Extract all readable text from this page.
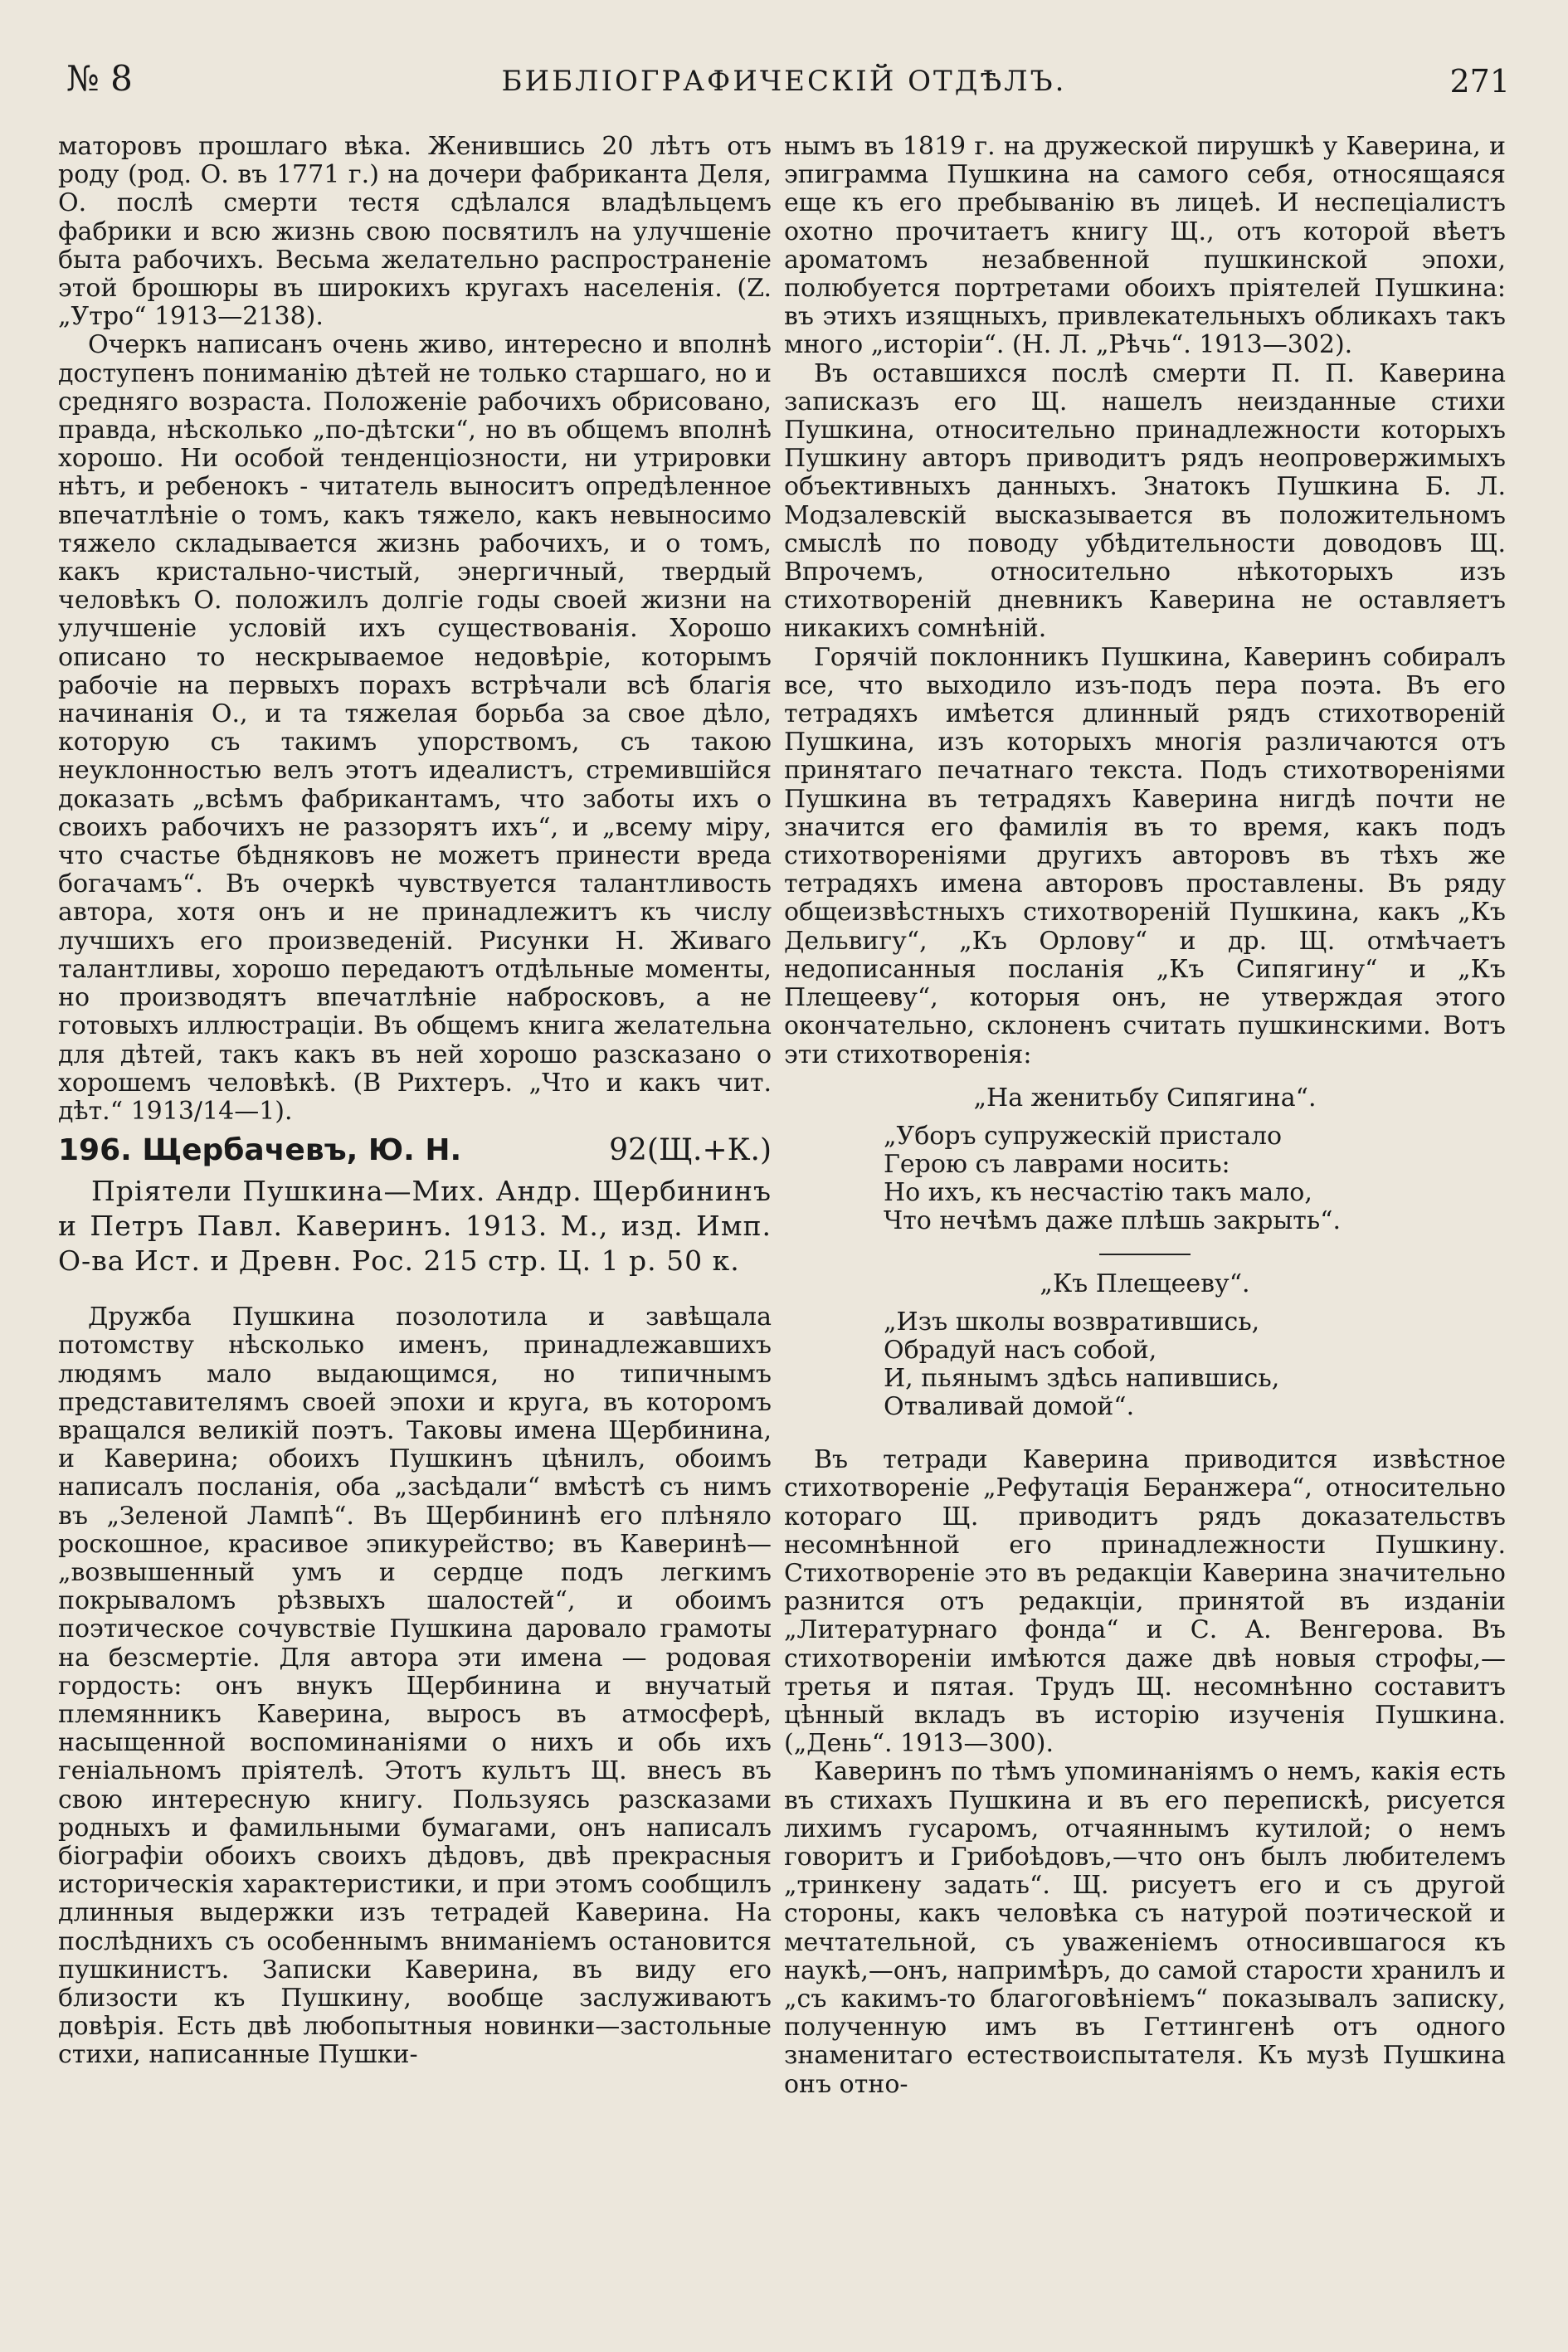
№ 8	БИБЛІОГРАФИЧЕСКІЙ ОТДѢЛЪ.	271

маторовъ прошлаго вѣка. Женившись 20 лѣтъ отъ роду (род. О. въ 1771 г.) на дочери фабриканта Деля, О. послѣ смерти тестя сдѣлался владѣльцемъ фабрики и всю жизнь свою посвятилъ на улучшеніе быта рабочихъ. Весьма желательно распространеніе этой брошюры въ широкихъ кругахъ населенія. (Z. „Утро“ 1913—2138).

Очеркъ написанъ очень живо, интересно и вполнѣ доступенъ пониманію дѣтей не только старшаго, но и средняго возраста. Положеніе рабочихъ обрисовано, правда, нѣсколько „по-дѣтски“, но въ общемъ вполнѣ хорошо. Ни особой тенденціозности, ни утрировки нѣтъ, и ребенокъ - читатель выноситъ опредѣленное впечатлѣніе о томъ, какъ тяжело, какъ невыносимо тяжело складывается жизнь рабочихъ, и о томъ, какъ кристально-чистый, энергичный, твердый человѣкъ О. положилъ долгіе годы своей жизни на улучшеніе условій ихъ существованія. Хорошо описано то нескрываемое недовѣріе, которымъ рабочіе на первыхъ порахъ встрѣчали всѣ благія начинанія О., и та тяжелая борьба за свое дѣло, которую съ такимъ упорствомъ, съ такою неуклонностью велъ этотъ идеалистъ, стремившійся доказать „всѣмъ фабрикантамъ, что заботы ихъ о своихъ рабочихъ не раззорятъ ихъ“, и „всему міру, что счастье бѣдняковъ не можетъ принести вреда богачамъ“. Въ очеркѣ чувствуется талантливость автора, хотя онъ и не принадлежитъ къ числу лучшихъ его произведеній. Рисунки Н. Живаго талантливы, хорошо передаютъ отдѣльные моменты, но производятъ впечатлѣніе набросковъ, а не готовыхъ иллюстраціи. Въ общемъ книга желательна для дѣтей, такъ какъ въ ней хорошо разсказано о хорошемъ человѣкѣ. (В Рихтеръ. „Что и какъ чит. дѣт.“ 1913/14—1).

196. Щербачевъ, Ю. Н.	92(Щ.+К.)
Пріятели Пушкина—Мих. Андр. Щербининъ и Петръ Павл. Каверинъ. 1913. М., изд. Имп. О-ва Ист. и Древн. Рос. 215 стр. Ц. 1 р. 50 к.

Дружба Пушкина позолотила и завѣщала потомству нѣсколько именъ, принадлежавшихъ людямъ мало выдающимся, но типичнымъ представителямъ своей эпохи и круга, въ которомъ вращался великій поэтъ. Таковы имена Щербинина, и Каверина; обоихъ Пушкинъ цѣнилъ, обоимъ написалъ посланія, оба „засѣдали“ вмѣстѣ съ нимъ въ „Зеленой Лампѣ“. Въ Щербининѣ его плѣняло роскошное, красивое эпикурейство; въ Каверинѣ—„возвышенный умъ и сердце подъ легкимъ покрываломъ рѣзвыхъ шалостей“, и обоимъ поэтическое сочувствіе Пушкина даровало грамоты на безсмертіе. Для автора эти имена — родовая гордость: онъ внукъ Щербинина и внучатый племянникъ Каверина, выросъ въ атмосферѣ, насыщенной воспоминаніями о нихъ и обь ихъ геніальномъ пріятелѣ. Этотъ культъ Щ. внесъ въ свою интересную книгу. Пользуясь разсказами родныхъ и фамильными бумагами, онъ написалъ біографіи обоихъ своихъ дѣдовъ, двѣ прекрасныя историческія характеристики, и при этомъ сообщилъ длинныя выдержки изъ тетрадей Каверина. На послѣднихъ съ особеннымъ вниманіемъ остановится пушкинистъ. Записки Каверина, въ виду его близости къ Пушкину, вообще заслуживаютъ довѣрія. Есть двѣ любопытныя новинки—застольные стихи, написанные Пушки-

нымъ въ 1819 г. на дружеской пирушкѣ у Каверина, и эпиграмма Пушкина на самого себя, относящаяся еще къ его пребыванію въ лицеѣ. И неспеціалистъ охотно прочитаетъ книгу Щ., отъ которой вѣетъ ароматомъ незабвенной пушкинской эпохи, полюбуется портретами обоихъ пріятелей Пушкина: въ этихъ изящныхъ, привлекательныхъ обликахъ такъ много „исторіи“. (Н. Л. „Рѣчь“. 1913—302).

Въ оставшихся послѣ смерти П. П. Каверина записказъ его Щ. нашелъ неизданные стихи Пушкина, относительно принадлежности которыхъ Пушкину авторъ приводитъ рядъ неопровержимыхъ объективныхъ данныхъ. Знатокъ Пушкина Б. Л. Модзалевскій высказывается въ положительномъ смыслѣ по поводу убѣдительности доводовъ Щ. Впрочемъ, относительно нѣкоторыхъ изъ стихотвореній дневникъ Каверина не оставляетъ никакихъ сомнѣній.

Горячій поклонникъ Пушкина, Каверинъ собиралъ все, что выходило изъ-подъ пера поэта. Въ его тетрадяхъ имѣется длинный рядъ стихотвореній Пушкина, изъ которыхъ многія различаются отъ принятаго печатнаго текста. Подъ стихотвореніями Пушкина въ тетрадяхъ Каверина нигдѣ почти не значится его фамилія въ то время, какъ подъ стихотвореніями другихъ авторовъ въ тѣхъ же тетрадяхъ имена авторовъ проставлены. Въ ряду общеизвѣстныхъ стихотвореній Пушкина, какъ „Къ Дельвигу“, „Къ Орлову“ и др. Щ. отмѣчаетъ недописанныя посланія „Къ Сипягину“ и „Къ Плещееву“, которыя онъ, не утверждая этого окончательно, склоненъ считать пушкинскими. Вотъ эти стихотворенія:

„На женитьбу Сипягина“.
„Уборъ супружескій пристало
Герою съ лаврами носить:
Но ихъ, къ несчастію такъ мало,
Что нечѣмъ даже плѣшь закрыть“.
„Къ Плещееву“.
„Изъ школы возвратившись,
Обрадуй насъ собой,
И, пьянымъ здѣсь напившись,
Отваливай домой“.

Въ тетради Каверина приводится извѣстное стихотвореніе „Рефутація Беранжера“, относительно котораго Щ. приводитъ рядъ доказательствъ несомнѣнной его принадлежности Пушкину. Стихотвореніе это въ редакціи Каверина значительно разнится отъ редакціи, принятой въ изданіи „Литературнаго фонда“ и С. А. Венгерова. Въ стихотвореніи имѣются даже двѣ новыя строфы,—третья и пятая. Трудъ Щ. несомнѣнно составитъ цѣнный вкладъ въ исторію изученія Пушкина. („День“. 1913—300).

Каверинъ по тѣмъ упоминаніямъ о немъ, какія есть въ стихахъ Пушкина и въ его перепискѣ, рисуется лихимъ гусаромъ, отчаяннымъ кутилой; о немъ говоритъ и Грибоѣдовъ,—что онъ былъ любителемъ „тринкену задать“. Щ. рисуетъ его и съ другой стороны, какъ человѣка съ натурой поэтической и мечтательной, съ уваженіемъ относившагося къ наукѣ,—онъ, напримѣръ, до самой старости хранилъ и „съ какимъ-то благоговѣніемъ“ показывалъ записку, полученную имъ въ Геттингенѣ отъ одного знаменитаго естествоиспытателя. Къ музѣ Пушкина онъ отно-
